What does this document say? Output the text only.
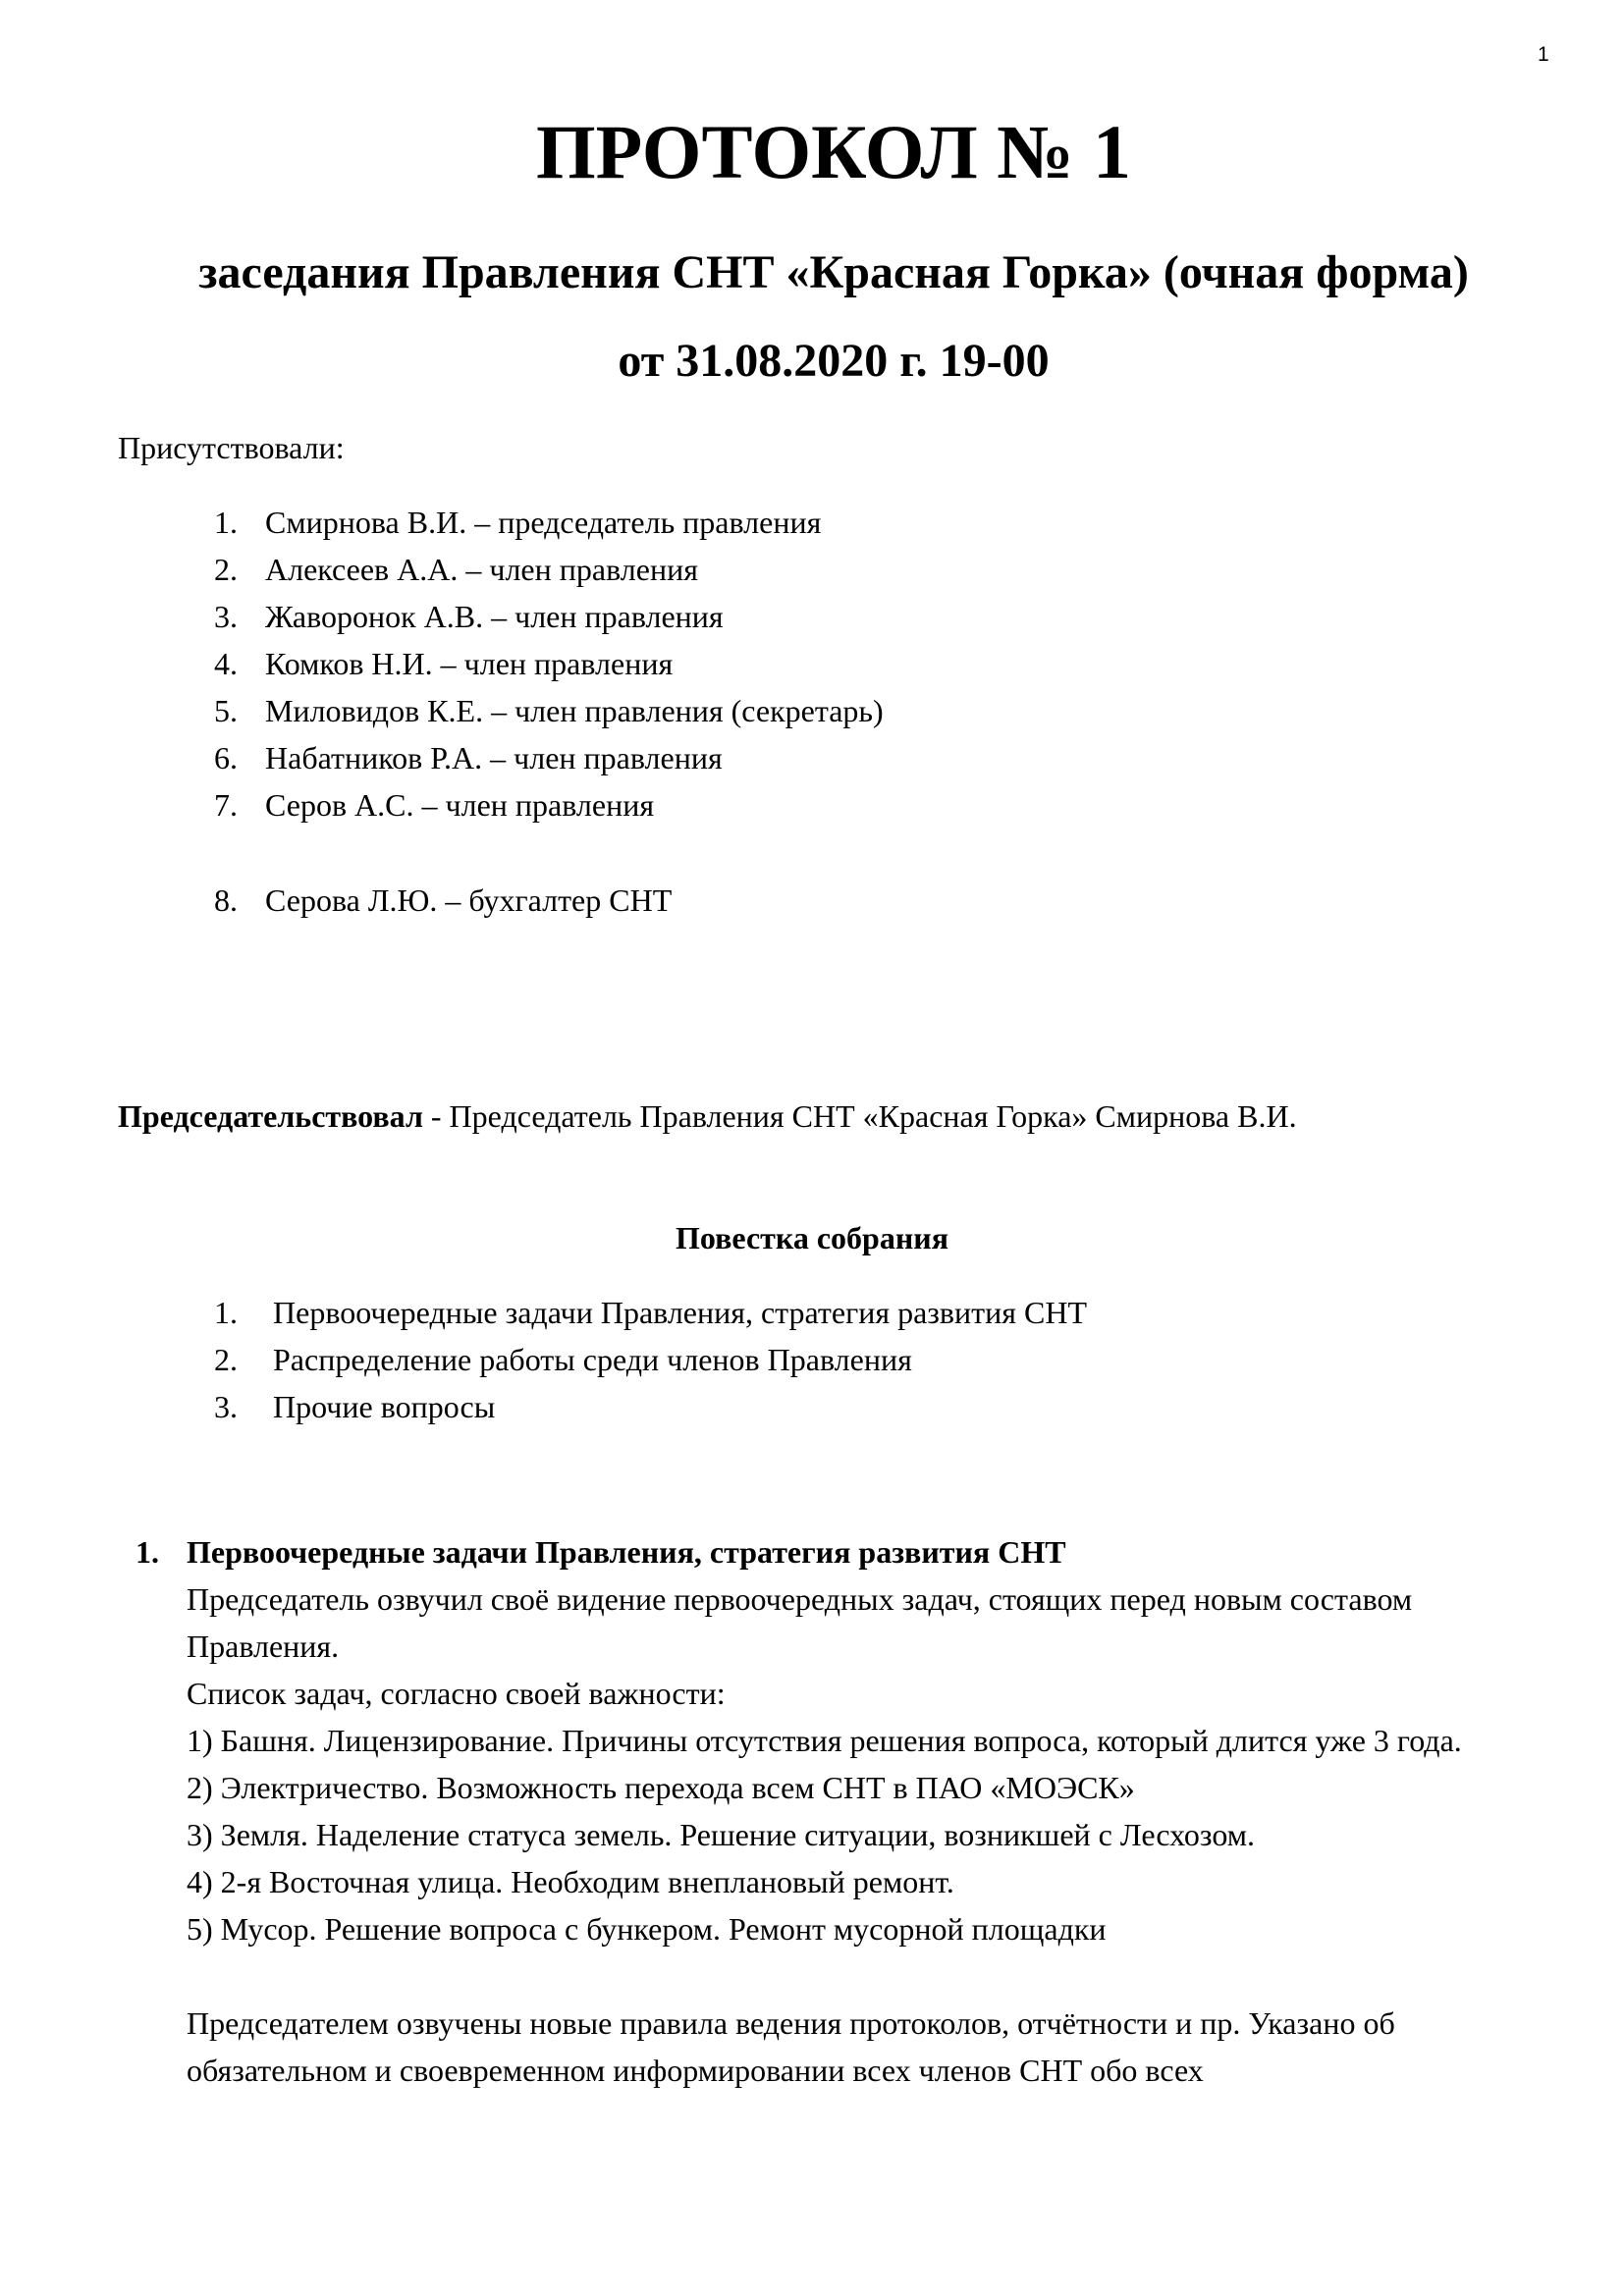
1
ПРОТОКОЛ № 1
заседания Правления СНТ «Красная Горка» (очная форма)
от 31.08.2020 г. 19-00
Присутствовали:
1. Смирнова В.И. – председатель правления
2. Алексеев А.А. – член правления
3. Жаворонок А.В. – член правления
4. Комков Н.И. – член правления
5. Миловидов К.Е. – член правления (секретарь)
6. Набатников Р.А. – член правления
7. Серов А.С. – член правления
8. Серова Л.Ю. – бухгалтер СНТ
Председательствовал - Председатель Правления СНТ «Красная Горка» Смирнова В.И.
Повестка собрания
1. Первоочередные задачи Правления, стратегия развития СНТ
2. Распределение работы среди членов Правления
3. Прочие вопросы
1. Первоочередные задачи Правления, стратегия развития СНТ

Председатель озвучил своё видение первоочередных задач, стоящих перед новым составом Правления.

Список задач, согласно своей важности:

1) Башня. Лицензирование. Причины отсутствия решения вопроса, который длится уже 3 года.
2) Электричество. Возможность перехода всем СНТ в ПАО «МОЭСК»
3) Земля. Наделение статуса земель. Решение ситуации, возникшей с Лесхозом.
4) 2-я Восточная улица. Необходим внеплановый ремонт.
5) Мусор. Решение вопроса с бункером. Ремонт мусорной площадки

Председателем озвучены новые правила ведения протоколов, отчётности и пр. Указано об обязательном и своевременном информировании всех членов СНТ обо всех
